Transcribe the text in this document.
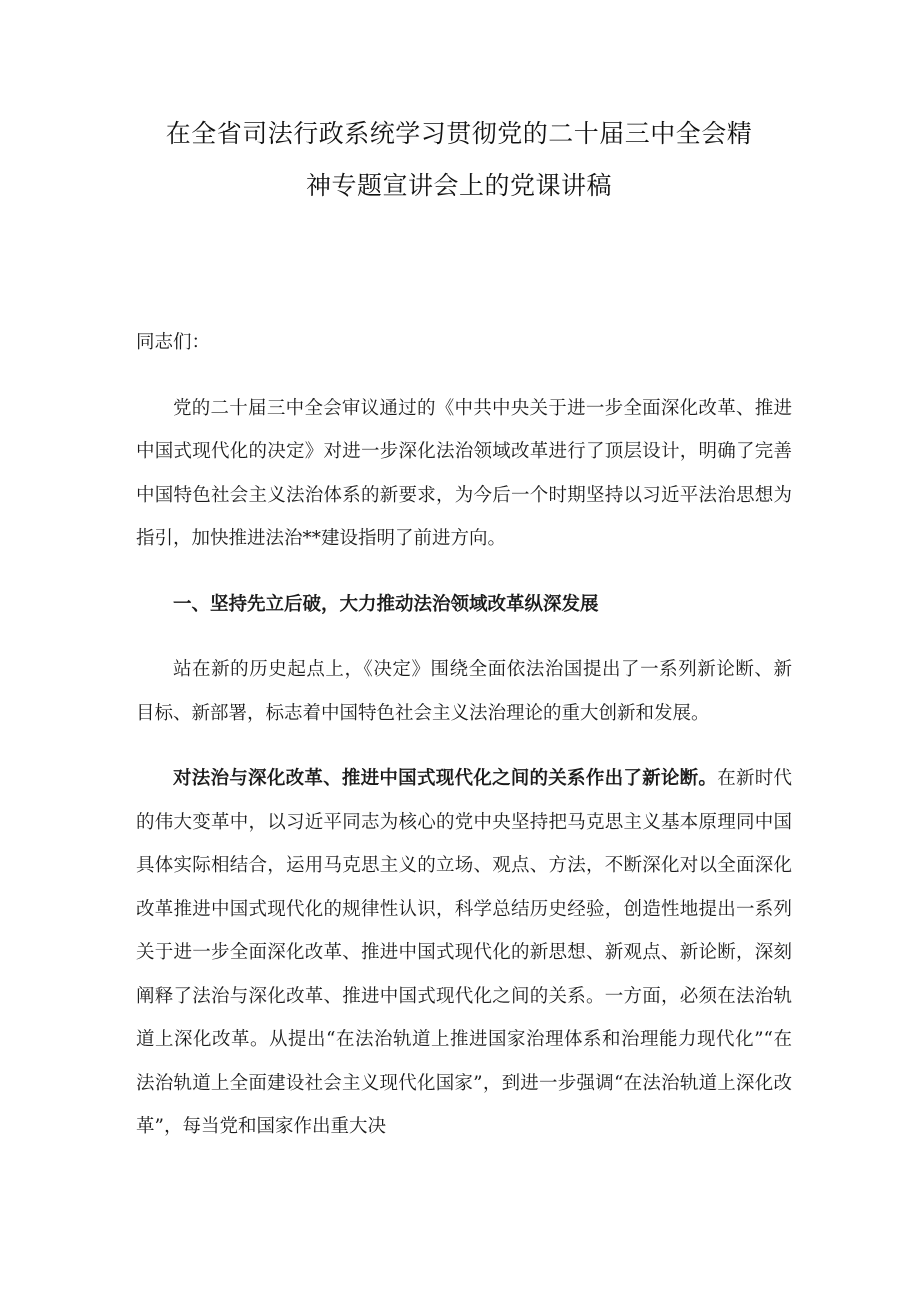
在全省司法行政系统学习贯彻党的二十届三中全会精
神专题宣讲会上的党课讲稿

同志们：

党的二十届三中全会审议通过的《中共中央关于进一步全面深化改革、推进中国式现代化的决定》对进一步深化法治领域改革进行了顶层设计，明确了完善中国特色社会主义法治体系的新要求，为今后一个时期坚持以习近平法治思想为指引，加快推进法治**建设指明了前进方向。

一、坚持先立后破，大力推动法治领域改革纵深发展

站在新的历史起点上，《决定》围绕全面依法治国提出了一系列新论断、新目标、新部署，标志着中国特色社会主义法治理论的重大创新和发展。

对法治与深化改革、推进中国式现代化之间的关系作出了新论断。在新时代的伟大变革中，以习近平同志为核心的党中央坚持把马克思主义基本原理同中国具体实际相结合，运用马克思主义的立场、观点、方法，不断深化对以全面深化改革推进中国式现代化的规律性认识，科学总结历史经验，创造性地提出一系列关于进一步全面深化改革、推进中国式现代化的新思想、新观点、新论断，深刻阐释了法治与深化改革、推进中国式现代化之间的关系。一方面，必须在法治轨道上深化改革。从提出“在法治轨道上推进国家治理体系和治理能力现代化”“在法治轨道上全面建设社会主义现代化国家”，到进一步强调“在法治轨道上深化改革”，每当党和国家作出重大决
